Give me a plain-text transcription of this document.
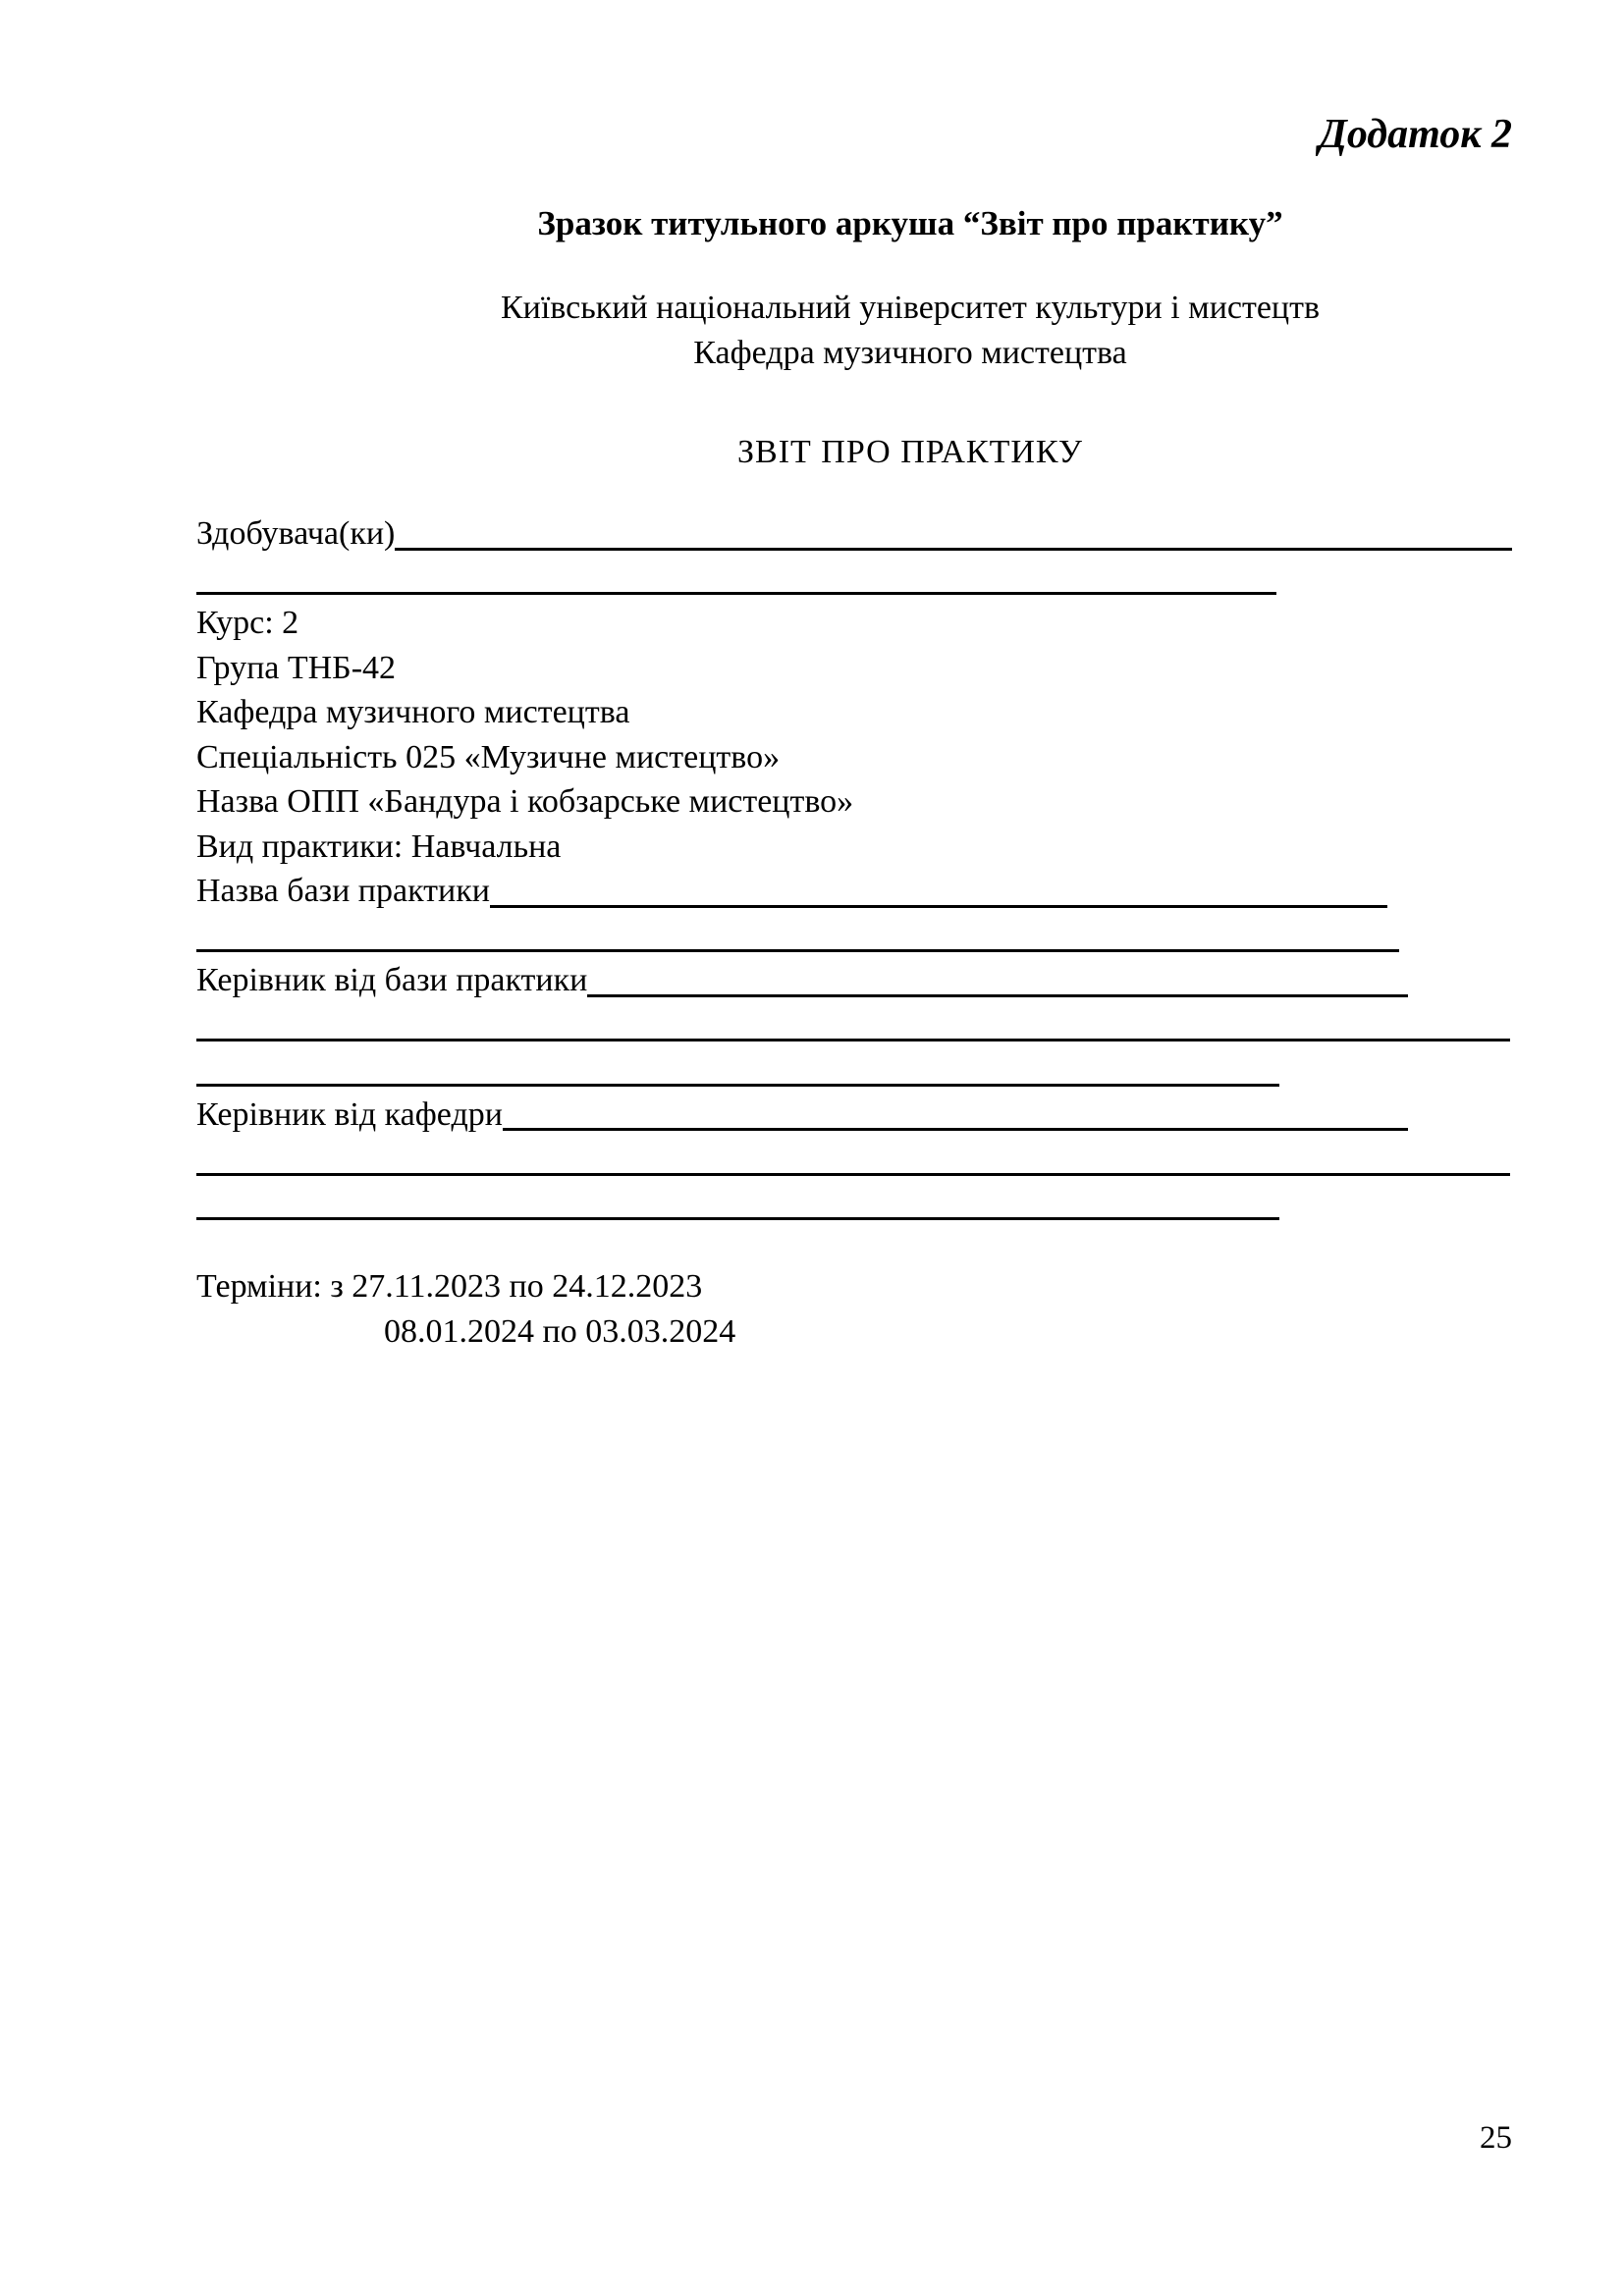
Додаток 2
Зразок титульного аркуша “Звіт про практику”
Київський національний університет культури і мистецтв
Кафедра музичного мистецтва
ЗВІТ ПРО ПРАКТИКУ
Здобувача(ки)
Курс: 2
Група ТНБ-42
Кафедра музичного мистецтва
Спеціальність 025 «Музичне мистецтво»
Назва ОПП «Бандура і кобзарське мистецтво»
Вид практики: Навчальна
Назва бази практики
Керівник від бази практики
Керівник від кафедри
Терміни: з 27.11.2023 по 24.12.2023
08.01.2024 по 03.03.2024
25
